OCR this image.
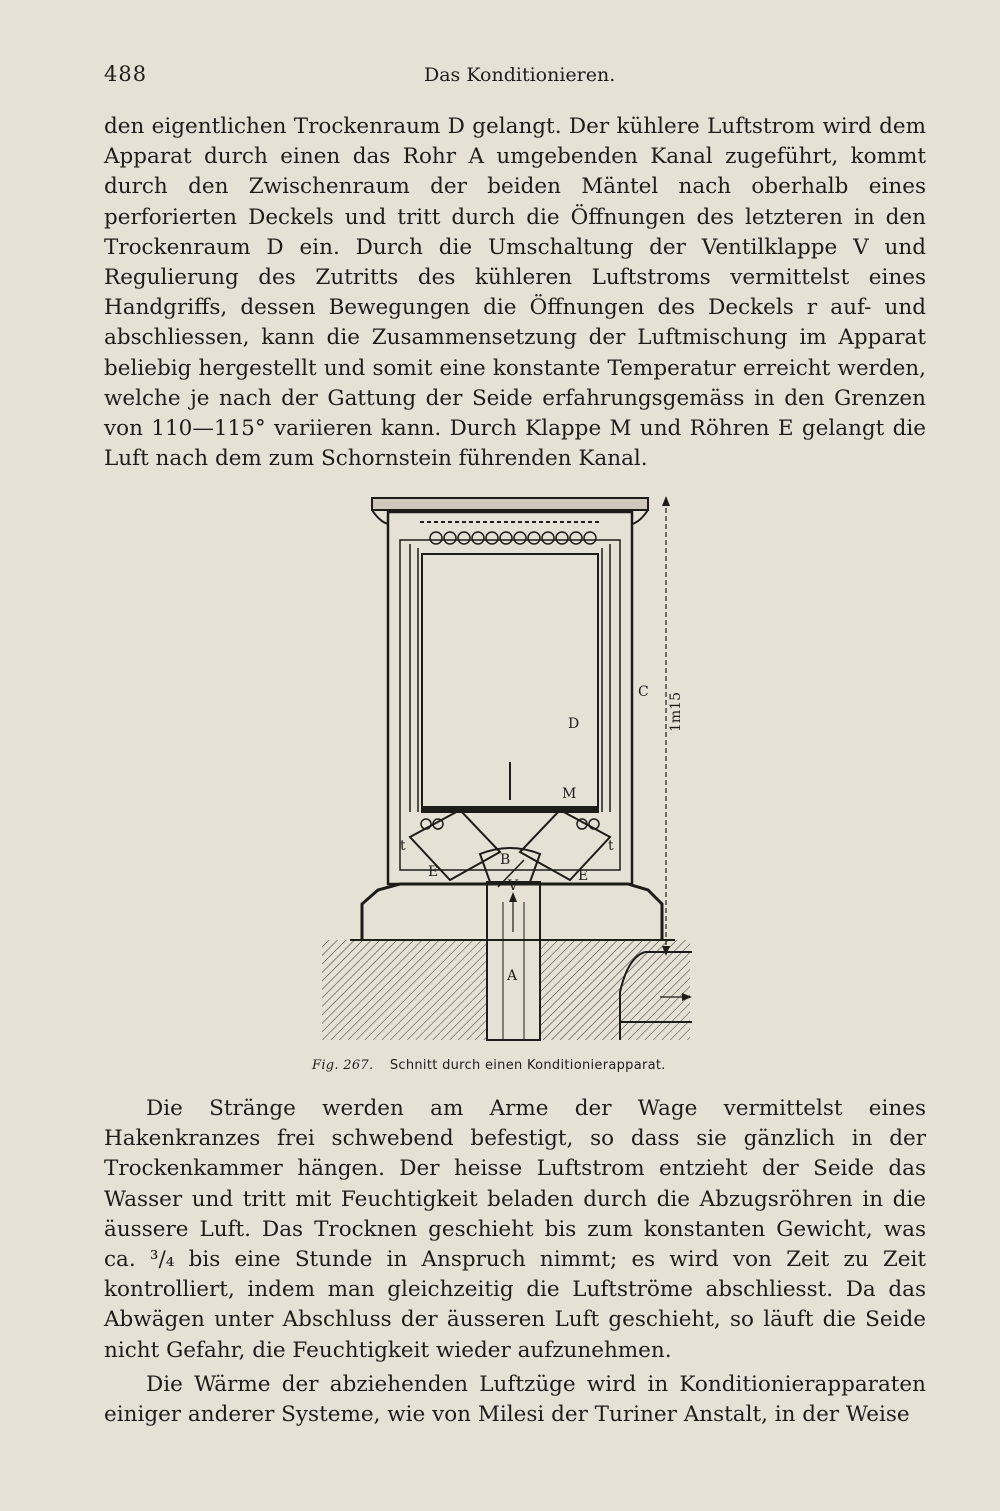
488	Das Konditionieren.

den eigentlichen Trockenraum D gelangt. Der kühlere Luftstrom wird dem Apparat durch einen das Rohr A umgebenden Kanal zugeführt, kommt durch den Zwischenraum der beiden Mäntel nach oberhalb eines perforierten Deckels und tritt durch die Öffnungen des letzteren in den Trockenraum D ein. Durch die Umschaltung der Ventilklappe V und Regulierung des Zutritts des kühleren Luftstroms vermittelst eines Handgriffs, dessen Bewegungen die Öffnungen des Deckels r auf- und abschliessen, kann die Zusammensetzung der Luftmischung im Apparat beliebig hergestellt und somit eine konstante Temperatur erreicht werden, welche je nach der Gattung der Seide erfahrungsgemäss in den Grenzen von 110—115° variieren kann. Durch Klappe M und Röhren E gelangt die Luft nach dem zum Schornstein führenden Kanal.

C
D
M
t	t
E	E
B
V
A
1m15
Fig. 267. Schnitt durch einen Konditionierapparat.

Die Stränge werden am Arme der Wage vermittelst eines Hakenkranzes frei schwebend befestigt, so dass sie gänzlich in der Trockenkammer hängen. Der heisse Luftstrom entzieht der Seide das Wasser und tritt mit Feuchtigkeit beladen durch die Abzugsröhren in die äussere Luft. Das Trocknen geschieht bis zum konstanten Gewicht, was ca. ³/₄ bis eine Stunde in Anspruch nimmt; es wird von Zeit zu Zeit kontrolliert, indem man gleichzeitig die Luftströme abschliesst. Da das Abwägen unter Abschluss der äusseren Luft geschieht, so läuft die Seide nicht Gefahr, die Feuchtigkeit wieder aufzunehmen.

Die Wärme der abziehenden Luftzüge wird in Konditionierapparaten einiger anderer Systeme, wie von Milesi der Turiner Anstalt, in der Weise
